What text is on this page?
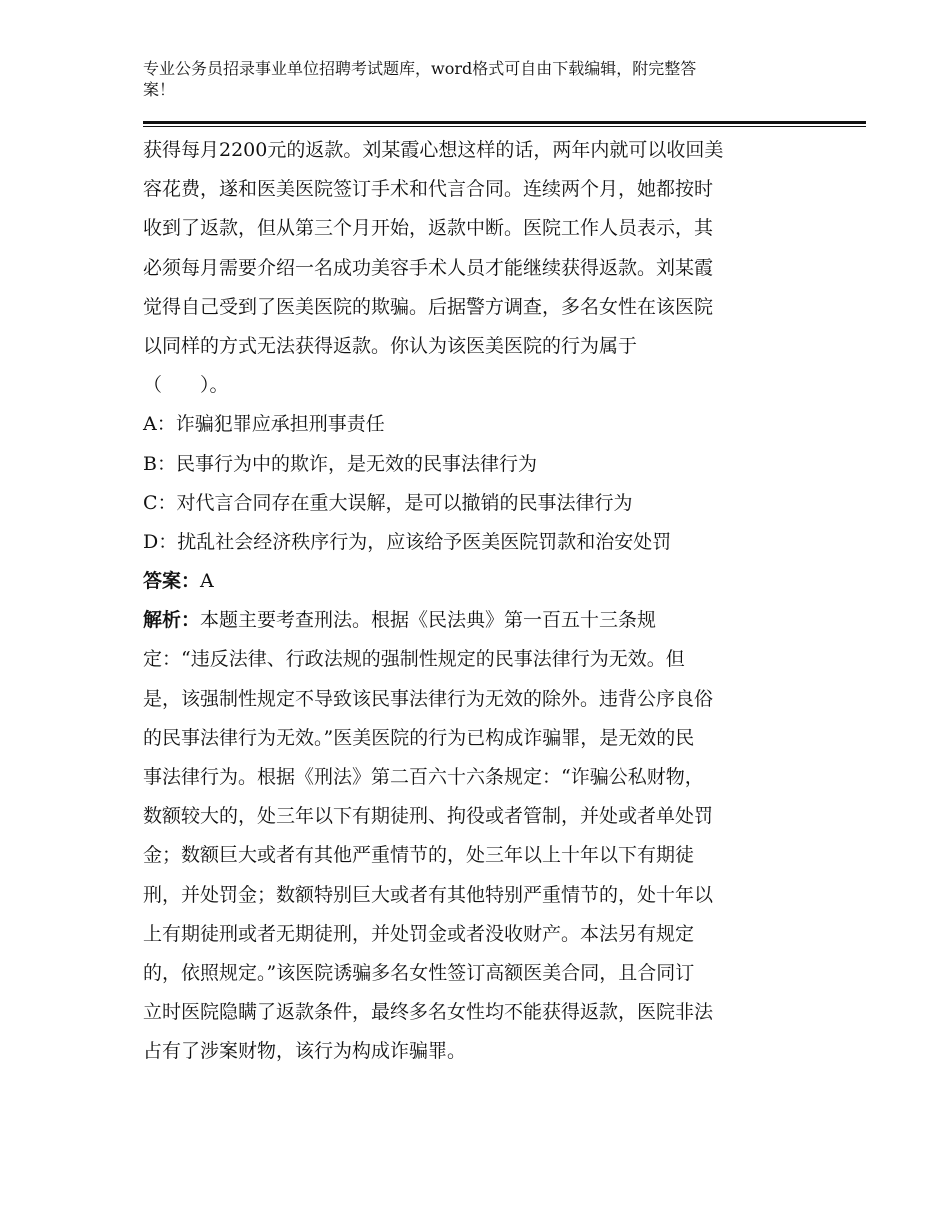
专业公务员招录事业单位招聘考试题库，word格式可自由下载编辑，附完整答
案！
获得每月2200元的返款。刘某霞心想这样的话，两年内就可以收回美
容花费，遂和医美医院签订手术和代言合同。连续两个月，她都按时
收到了返款，但从第三个月开始，返款中断。医院工作人员表示，其
必须每月需要介绍一名成功美容手术人员才能继续获得返款。刘某霞
觉得自己受到了医美医院的欺骗。后据警方调查，多名女性在该医院
以同样的方式无法获得返款。你认为该医美医院的行为属于
（　　）。
A：诈骗犯罪应承担刑事责任
B：民事行为中的欺诈，是无效的民事法律行为
C：对代言合同存在重大误解，是可以撤销的民事法律行为
D：扰乱社会经济秩序行为，应该给予医美医院罚款和治安处罚
答案：A
解析：本题主要考查刑法。根据《民法典》第一百五十三条规
定：“违反法律、行政法规的强制性规定的民事法律行为无效。但
是，该强制性规定不导致该民事法律行为无效的除外。违背公序良俗
的民事法律行为无效。”医美医院的行为已构成诈骗罪，是无效的民
事法律行为。根据《刑法》第二百六十六条规定：“诈骗公私财物，
数额较大的，处三年以下有期徒刑、拘役或者管制，并处或者单处罚
金；数额巨大或者有其他严重情节的，处三年以上十年以下有期徒
刑，并处罚金；数额特别巨大或者有其他特别严重情节的，处十年以
上有期徒刑或者无期徒刑，并处罚金或者没收财产。本法另有规定
的，依照规定。”该医院诱骗多名女性签订高额医美合同，且合同订
立时医院隐瞒了返款条件，最终多名女性均不能获得返款，医院非法
占有了涉案财物，该行为构成诈骗罪。
